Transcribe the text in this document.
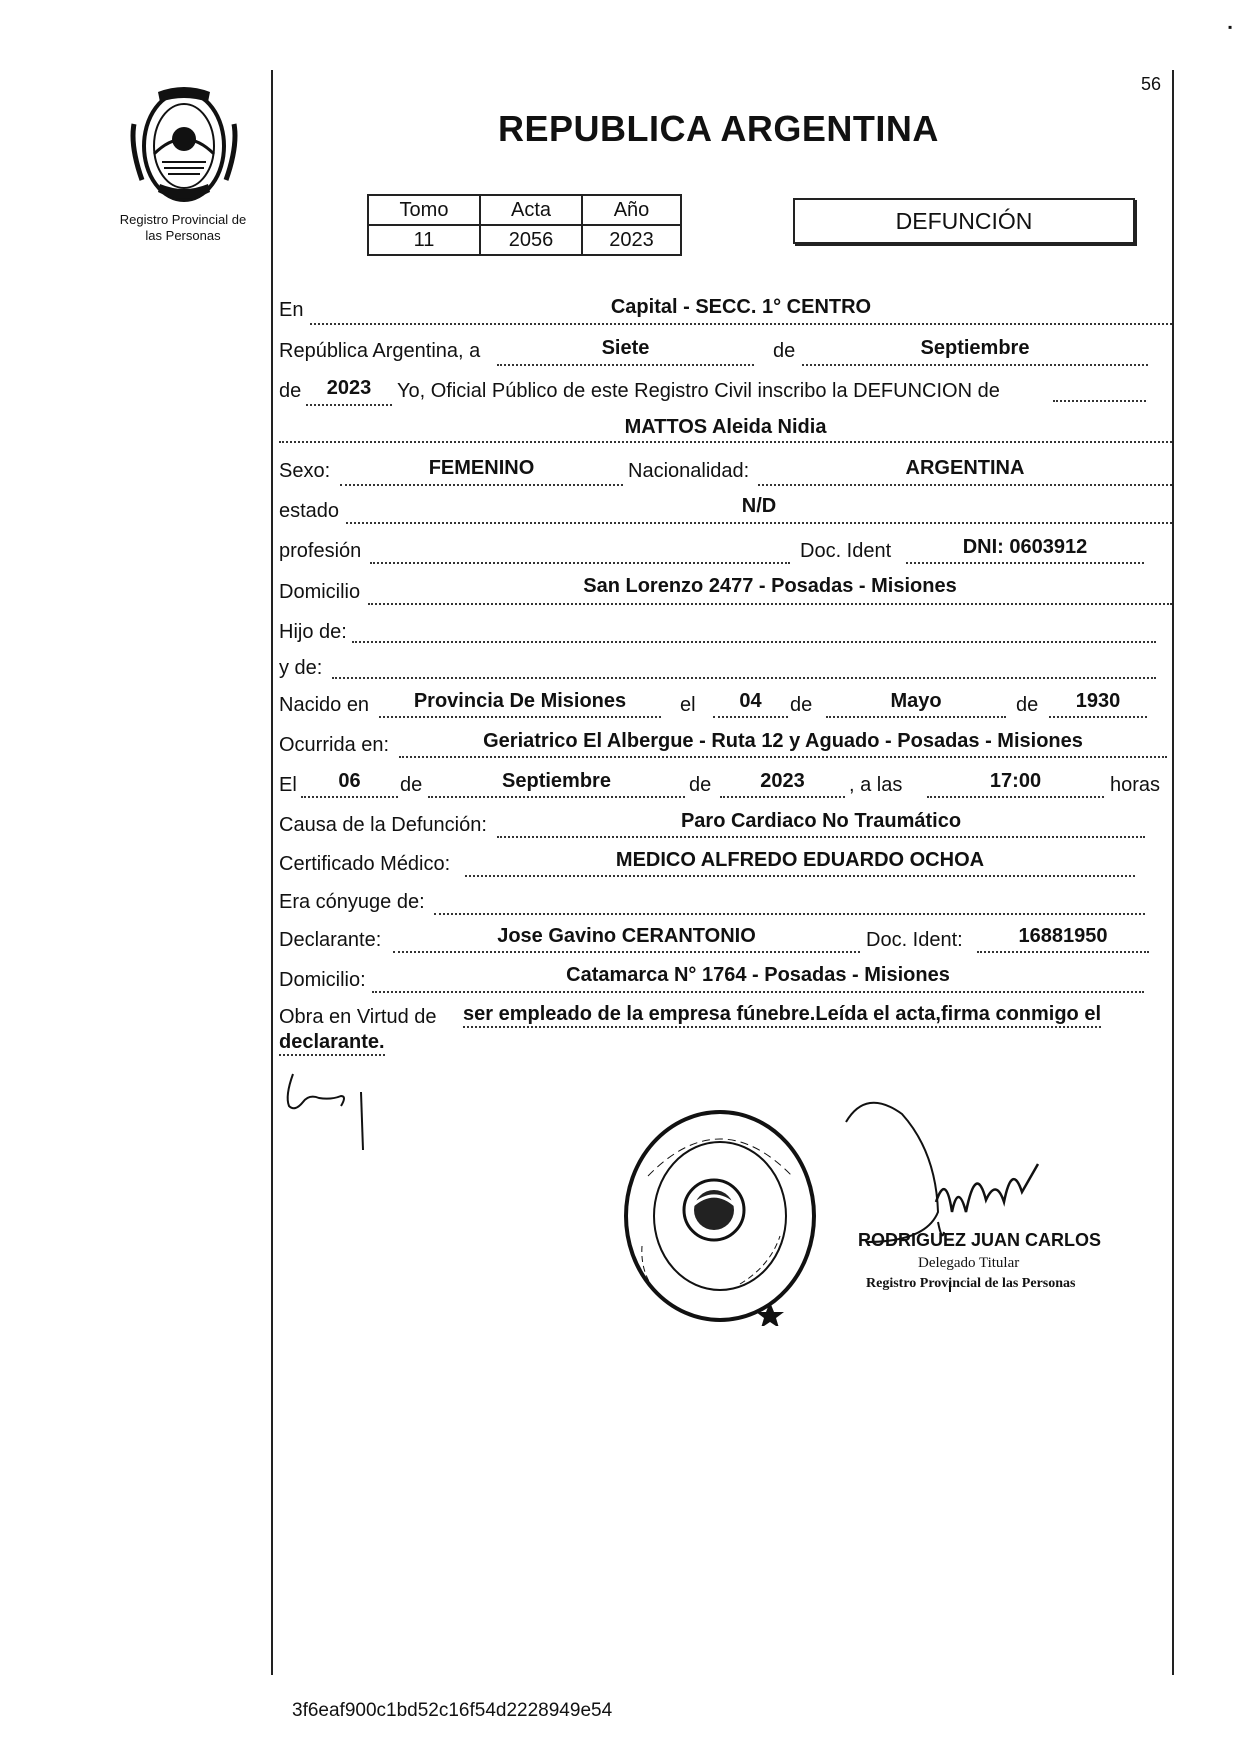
56
▪
Registro Provincial de
las Personas
REPUBLICA ARGENTINA
Tomo	Acta	Año
11	2056	2023
DEFUNCIÓN
En	Capital - SECC. 1° CENTRO
República Argentina, a	Siete	de	Septiembre
de	2023	Yo, Oficial Público de este Registro Civil inscribo la DEFUNCION de
MATTOS Aleida Nidia
Sexo:	FEMENINO	Nacionalidad:	ARGENTINA
estado	N/D
profesión	Doc. Ident	DNI: 0603912
Domicilio	San Lorenzo 2477 - Posadas - Misiones
Hijo de:
y de:
Nacido en	Provincia De Misiones	el	04	de	Mayo	de	1930
Ocurrida en:	Geriatrico El Albergue - Ruta 12 y Aguado - Posadas - Misiones
El	06	de	Septiembre	de	2023	, a las	17:00	horas
Causa de la Defunción:	Paro Cardiaco No Traumático
Certificado Médico:	MEDICO ALFREDO EDUARDO OCHOA
Era cónyuge de:
Declarante:	Jose Gavino CERANTONIO	Doc. Ident:	16881950
Domicilio:	Catamarca N° 1764 - Posadas - Misiones
Obra en Virtud de ser empleado de la empresa fúnebre.Leída el acta,firma conmigo el
declarante.
RODRIGUEZ JUAN CARLOS
Delegado Titular
Registro Provincial de las Personas
3f6eaf900c1bd52c16f54d2228949e54
